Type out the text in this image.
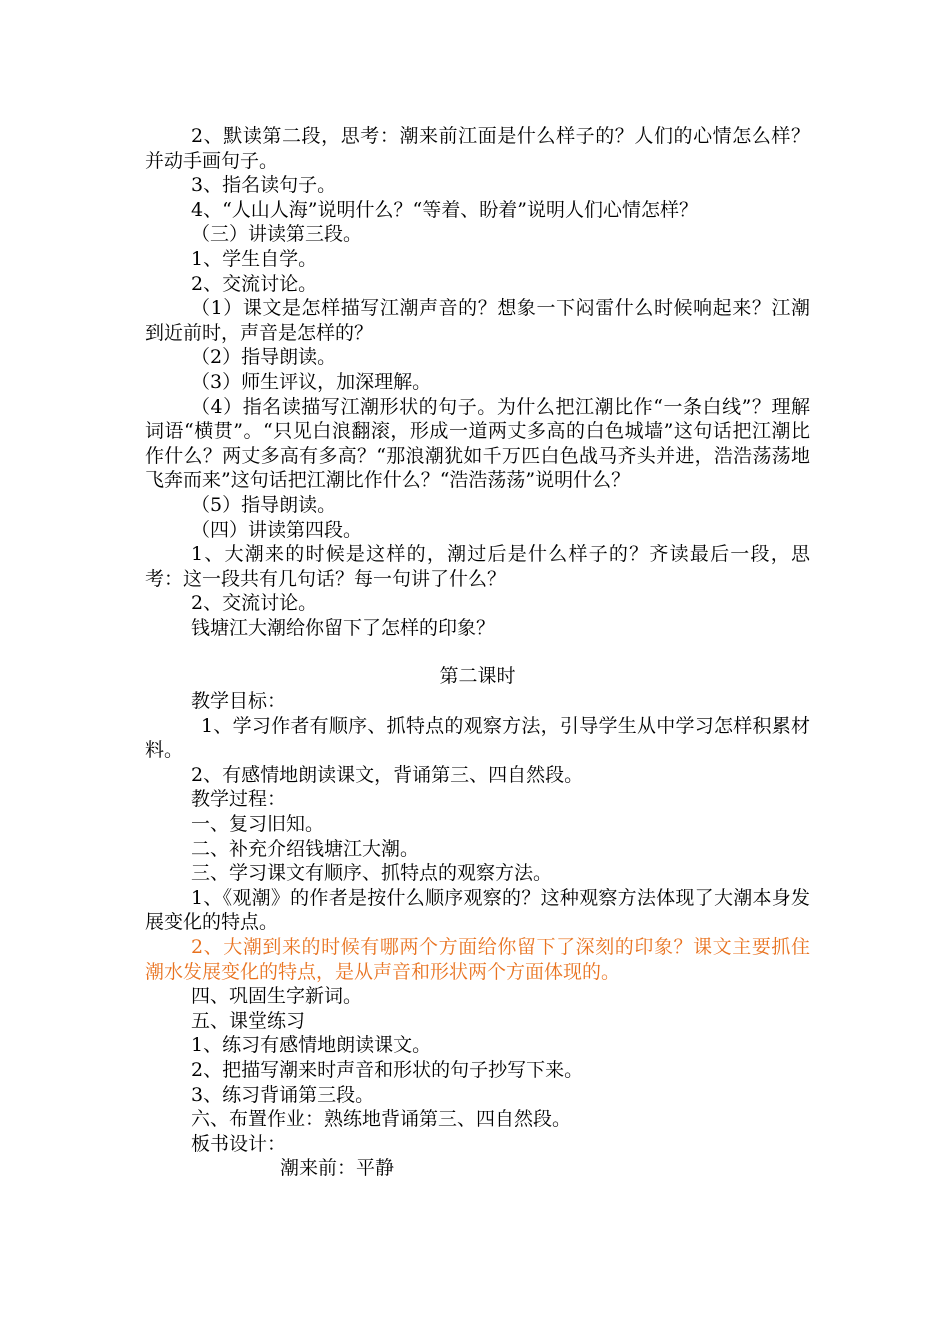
2、默读第二段，思考：潮来前江面是什么样子的？人们的心情怎么样？并动手画句子。

3、指名读句子。

4、“人山人海”说明什么？“等着、盼着”说明人们心情怎样？

（三）讲读第三段。

1、学生自学。

2、交流讨论。

（1）课文是怎样描写江潮声音的？想象一下闷雷什么时候响起来？江潮到近前时，声音是怎样的？

（2）指导朗读。

（3）师生评议，加深理解。

（4）指名读描写江潮形状的句子。为什么把江潮比作“一条白线”？理解词语“横贯”。“只见白浪翻滚，形成一道两丈多高的白色城墙”这句话把江潮比作什么？两丈多高有多高？“那浪潮犹如千万匹白色战马齐头并进，浩浩荡荡地飞奔而来”这句话把江潮比作什么？“浩浩荡荡”说明什么？

（5）指导朗读。

（四）讲读第四段。

1、大潮来的时候是这样的，潮过后是什么样子的？齐读最后一段，思考：这一段共有几句话？每一句讲了什么？

2、交流讨论。

钱塘江大潮给你留下了怎样的印象？

第二课时

教学目标：

1、学习作者有顺序、抓特点的观察方法，引导学生从中学习怎样积累材料。

2、有感情地朗读课文，背诵第三、四自然段。

教学过程：

一、复习旧知。

二、补充介绍钱塘江大潮。

三、学习课文有顺序、抓特点的观察方法。

1、《观潮》的作者是按什么顺序观察的？这种观察方法体现了大潮本身发展变化的特点。

2、大潮到来的时候有哪两个方面给你留下了深刻的印象？课文主要抓住潮水发展变化的特点，是从声音和形状两个方面体现的。

四、巩固生字新词。

五、课堂练习

1、练习有感情地朗读课文。

2、把描写潮来时声音和形状的句子抄写下来。

3、练习背诵第三段。

六、布置作业：熟练地背诵第三、四自然段。

板书设计：

潮来前：平静
